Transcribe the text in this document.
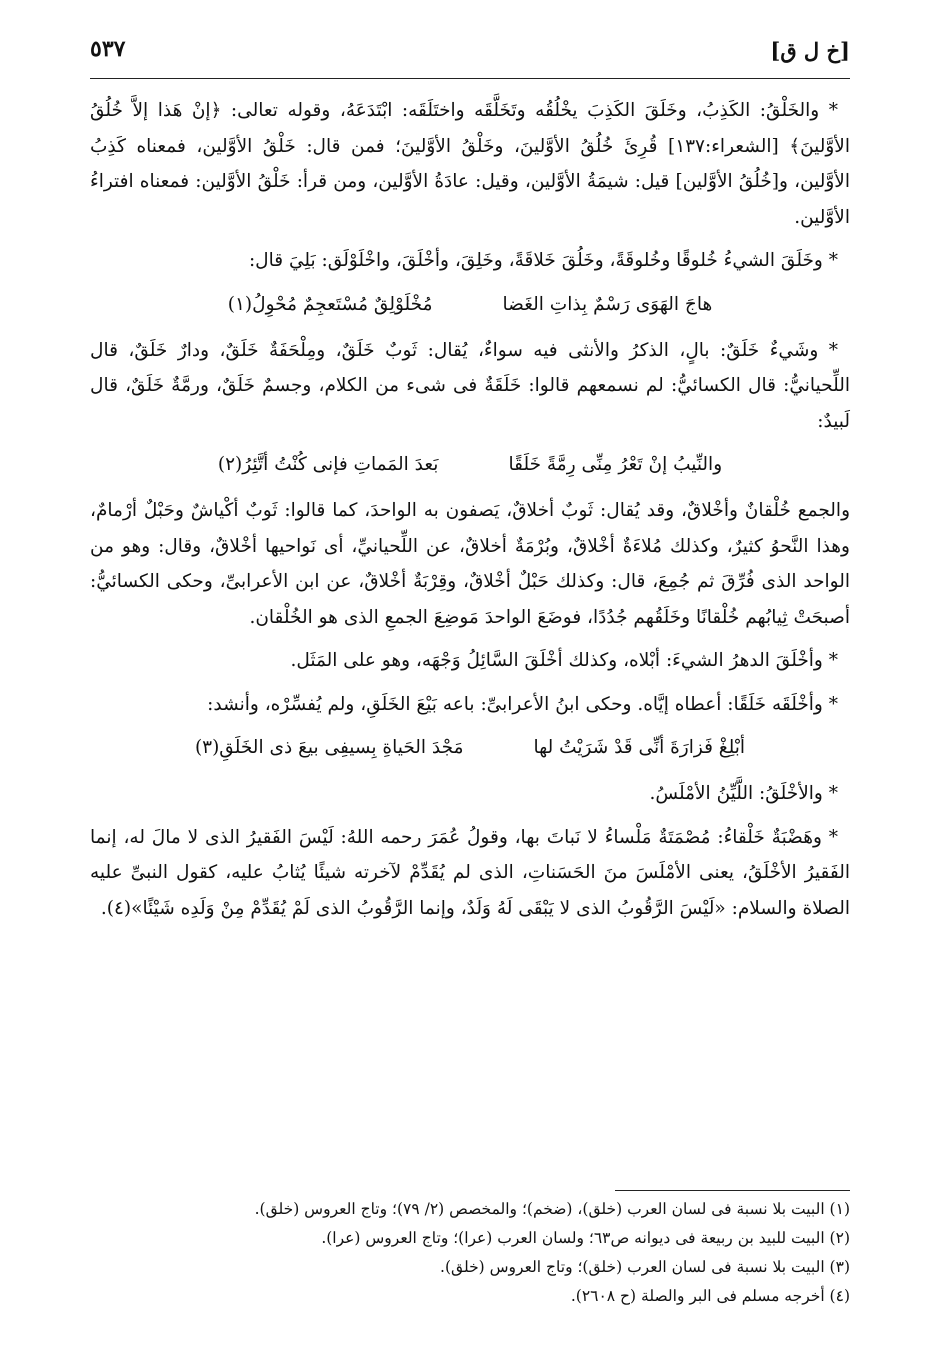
[خ ل ق]
٥٣٧

* والخَلْقُ: الكَذِبُ، وخَلَقَ الكَذِبَ يخْلُقُه وتَخَلَّقَه واختَلَقَه: ابْتَدَعَهُ، وقوله تعالى: ﴿إنْ هَذا إلاَّ خُلُقُ الأوَّلينَ﴾ [الشعراء:١٣٧] قُرِئَ خُلُقُ الأوَّلينَ، وخَلْقُ الأوَّلينَ؛ فمن قال: خَلْقُ الأوَّلين، فمعناه كَذِبُ الأوَّلين، و[خُلُقُ الأوَّلين] قيل: شيمَةُ الأوَّلين، وقيل: عادَةُ الأوَّلين، ومن قرأ: خَلْقُ الأوَّلين: فمعناه افتراءُ الأوَّلين.

* وخَلَقَ الشيءُ خُلوقًا وخُلوقَةً، وخَلُقَ خَلاقَةً، وخَلِقَ، وأخْلَقَ، واخْلَوْلَق: بَلِيَ قال:

هاجَ الهَوَى رَسْمٌ بِذاتِ الغَضا
مُخْلَوْلِقٌ مُسْتَعجِمٌ مُحْوِلُ(١)

* وشَيءٌ خَلَقٌ: بالٍ، الذكرُ والأنثى فيه سواءٌ، يُقال: ثَوبٌ خَلَقٌ، ومِلْحَفَةٌ خَلَقٌ، ودارٌ خَلَقٌ، قال اللِّحيانيُّ: قال الكسائيُّ: لم نسمعهم قالوا: خَلَقَةٌ فى شىء من الكلام، وجسمٌ خَلَقٌ، ورمَّةٌ خَلَقٌ، قال لَبيدٌ:

والنِّيبُ إنْ تَعْرُ مِنِّى رِمَّةً خَلَقًا
بَعدَ المَماتِ فإنى كُنْتُ أتَّئِرُ(٢)

والجمع خُلْقانٌ وأخْلاقٌ، وقد يُقال: ثَوبٌ أخلاقٌ، يَصفون به الواحدَ، كما قالوا: ثَوبٌ أكْياشٌ وحَبْلٌ أرْمامٌ، وهذا النَّحوُ كثيرٌ، وكذلك مُلاءَةٌ أخْلاقٌ، وبُرْمَةٌ أخلاقٌ، عن اللِّحيانيِّ، أى نَواحيها أخْلاقٌ، وقال: وهو من الواحد الذى فُرِّقَ ثم جُمِعَ، قال: وكذلك حَبْلٌ أخْلاقٌ، وقِرْبَةٌ أخْلاقٌ، عن ابن الأعرابىِّ، وحكى الكسائيُّ: أصبحَتْ ثِيابُهم خُلْقانًا وخَلَقُهم جُدُدًا، فوضَعَ الواحدَ مَوضِعَ الجمعِ الذى هو الخُلْقان.

* وأخْلَقَ الدهرُ الشيءَ: أبْلاه، وكذلك أخْلَقَ السَّائِلُ وَجْهَه، وهو على المَثَل.

* وأخْلَقَه خَلَقًا: أعطاه إيَّاه. وحكى ابنُ الأعرابىِّ: باعه بَيْعَ الخَلَقِ، ولم يُفسِّرْه، وأنشد:

أبْلِغْ فَزارَةَ أنِّى قَدْ شَرَيْتُ لها
مَجْدَ الحَياةِ بِسيفِى بيعَ ذى الخَلَقِ(٣)

* والأخْلَقُ: اللَّيِّنُ الأمْلَسُ.

* وهَضْبَةٌ خَلْقاءُ: مُصْمَتَةٌ مَلْساءُ لا نَباتَ بها، وقولُ عُمَرَ رحمه اللهُ: لَيْسَ الفَقيرُ الذى لا مالَ له، إنما الفَقيرُ الأخْلَقُ، يعنى الأمْلَسَ منَ الحَسَناتِ، الذى لم يُقَدِّمْ لآخرته شيئًا يُثابُ عليه، كقول النبىِّ عليه الصلاة والسلام: «لَيْسَ الرَّقُوبُ الذى لا يَبْقَى لَهُ وَلَدٌ، وإنما الرَّقُوبُ الذى لَمْ يُقَدِّمْ مِنْ وَلَدِه شَيْئًا»(٤).

(١) البيت بلا نسبة فى لسان العرب (خلق)، (ضخم)؛ والمخصص (٢/ ٧٩)؛ وتاج العروس (خلق).
(٢) البيت للبيد بن ربيعة فى ديوانه ص٦٣؛ ولسان العرب (عرا)؛ وتاج العروس (عرا).
(٣) البيت بلا نسبة فى لسان العرب (خلق)؛ وتاج العروس (خلق).
(٤) أخرجه مسلم فى البر والصلة (ح ٢٦٠٨).
